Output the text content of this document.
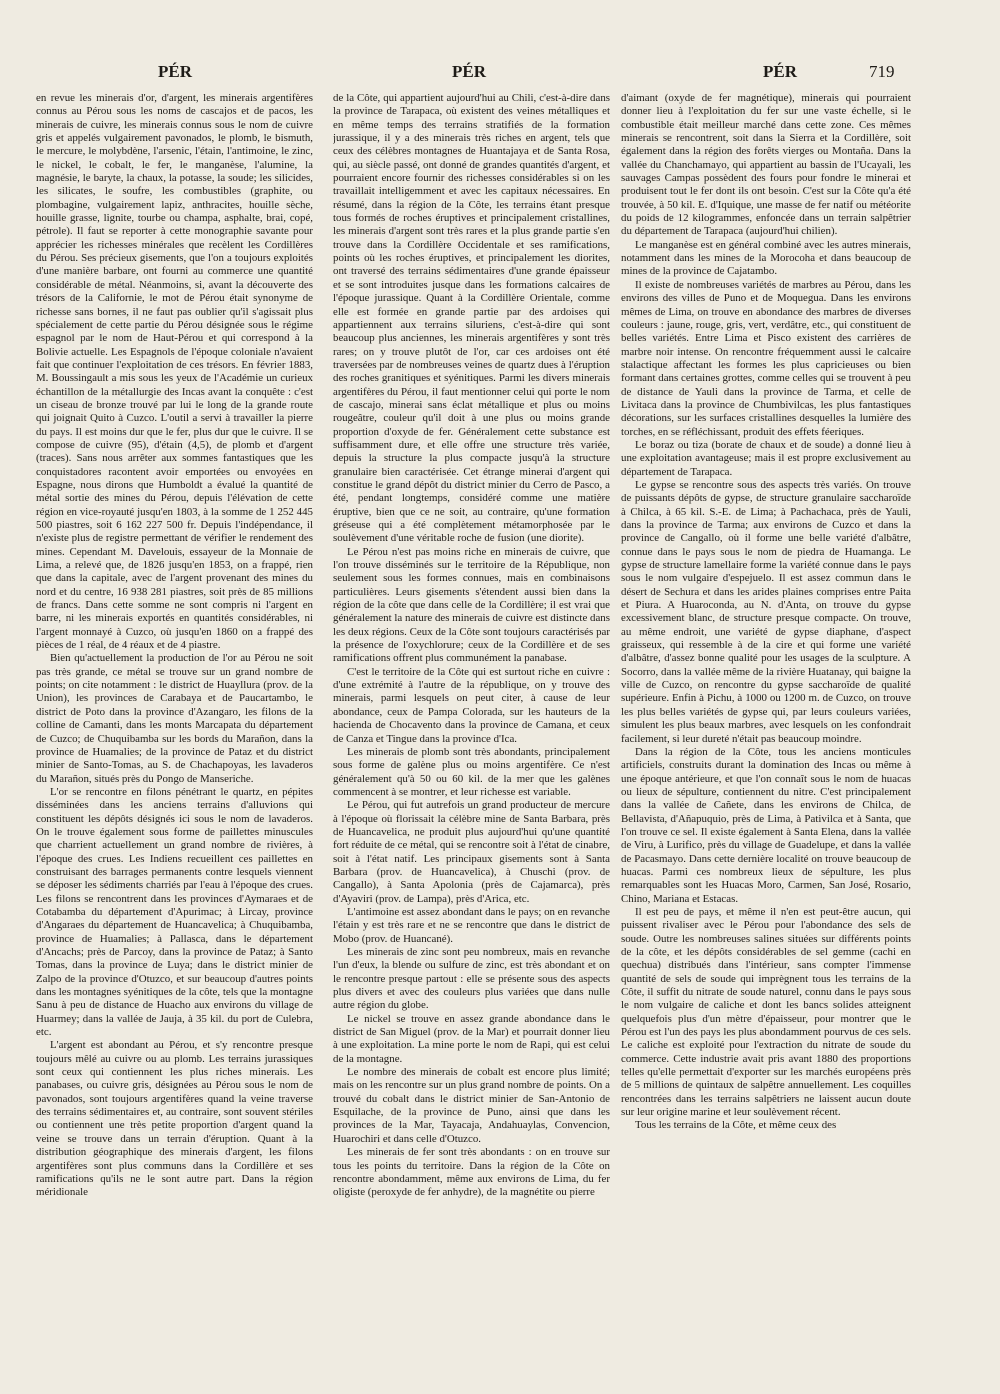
PÉR	PÉR	PÉR	719

en revue les minerais d'or, d'argent, les minerais argentifères connus au Pérou sous les noms de cascajos et de pacos, les minerais de cuivre, les minerais connus sous le nom de cuivre gris et appelés vulgairement pavonados, le plomb, le bismuth, le mercure, le molybdène, l'arsenic, l'étain, l'antimoine, le zinc, le nickel, le cobalt, le fer, le manganèse, l'alumine, la magnésie, le baryte, la chaux, la potasse, la soude; les silicides, les silicates, le soufre, les combustibles (graphite, ou plombagine, vulgairement lapiz, anthracites, houille sèche, houille grasse, lignite, tourbe ou champa, asphalte, brai, copé, pétrole). Il faut se reporter à cette monographie savante pour apprécier les richesses minérales que recèlent les Cordillères du Pérou. Ses précieux gisements, que l'on a toujours exploités d'une manière barbare, ont fourni au commerce une quantité considérable de métal. Néanmoins, si, avant la découverte des trésors de la Californie, le mot de Pérou était synonyme de richesse sans bornes, il ne faut pas oublier qu'il s'agissait plus spécialement de cette partie du Pérou désignée sous le régime espagnol par le nom de Haut-Pérou et qui correspond à la Bolivie actuelle. Les Espagnols de l'époque coloniale n'avaient fait que continuer l'exploitation de ces trésors. En février 1883, M. Boussingault a mis sous les yeux de l'Académie un curieux échantillon de la métallurgie des Incas avant la conquête : c'est un ciseau de bronze trouvé par lui le long de la grande route qui joignait Quito à Cuzco. L'outil a servi à travailler la pierre du pays. Il est moins dur que le fer, plus dur que le cuivre. Il se compose de cuivre (95), d'étain (4,5), de plomb et d'argent (traces). Sans nous arrêter aux sommes fantastiques que les conquistadores racontent avoir emportées ou envoyées en Espagne, nous dirons que Humboldt a évalué la quantité de métal sortie des mines du Pérou, depuis l'élévation de cette région en vice-royauté jusqu'en 1803, à la somme de 1 252 445 500 piastres, soit 6 162 227 500 fr. Depuis l'indépendance, il n'existe plus de registre permettant de vérifier le rendement des mines. Cependant M. Davelouis, essayeur de la Monnaie de Lima, a relevé que, de 1826 jusqu'en 1853, on a frappé, rien que dans la capitale, avec de l'argent provenant des mines du nord et du centre, 16 938 281 piastres, soit près de 85 millions de francs. Dans cette somme ne sont compris ni l'argent en barre, ni les minerais exportés en quantités considérables, ni l'argent monnayé à Cuzco, où jusqu'en 1860 on a frappé des pièces de 1 réal, de 4 réaux et de 4 piastre.

Bien qu'actuellement la production de l'or au Pérou ne soit pas très grande, ce métal se trouve sur un grand nombre de points; on cite notamment : le district de Huayllura (prov. de la Union), les provinces de Carabaya et de Paucartambo, le district de Poto dans la province d'Azangaro, les filons de la colline de Camanti, dans les monts Marcapata du département de Cuzco; de Chuquibamba sur les bords du Marañon, dans la province de Huamalies; de la province de Pataz et du district minier de Santo-Tomas, au S. de Chachapoyas, les lavaderos du Marañon, situés près du Pongo de Manseriche.

L'or se rencontre en filons pénétrant le quartz, en pépites disséminées dans les anciens terrains d'alluvions qui constituent les dépôts désignés ici sous le nom de lavaderos. On le trouve également sous forme de paillettes minuscules que charrient actuellement un grand nombre de rivières, à l'époque des crues. Les Indiens recueillent ces paillettes en construisant des barrages permanents contre lesquels viennent se déposer les sédiments charriés par l'eau à l'époque des crues. Les filons se rencontrent dans les provinces d'Aymaraes et de Cotabamba du département d'Apurimac; à Lircay, province d'Angaraes du département de Huancavelica; à Chuquibamba, province de Huamalies; à Pallasca, dans le département d'Ancachs; près de Parcoy, dans la province de Pataz; à Santo Tomas, dans la province de Luya; dans le district minier de Zalpo de la province d'Otuzco, et sur beaucoup d'autres points dans les montagnes syénitiques de la côte, tels que la montagne Sanu à peu de distance de Huacho aux environs du village de Huarmey; dans la vallée de Jauja, à 35 kil. du port de Culebra, etc.

L'argent est abondant au Pérou, et s'y rencontre presque toujours mêlé au cuivre ou au plomb. Les terrains jurassiques sont ceux qui contiennent les plus riches minerais. Les panabases, ou cuivre gris, désignées au Pérou sous le nom de pavonados, sont toujours argentifères quand la veine traverse des terrains sédimentaires et, au contraire, sont souvent stériles ou contiennent une très petite proportion d'argent quand la veine se trouve dans un terrain d'éruption. Quant à la distribution géographique des minerais d'argent, les filons argentifères sont plus communs dans la Cordillère et ses ramifications qu'ils ne le sont autre part. Dans la région méridionale

de la Côte, qui appartient aujourd'hui au Chili, c'est-à-dire dans la province de Tarapaca, où existent des veines métalliques et en même temps des terrains stratifiés de la formation jurassique, il y a des minerais très riches en argent, tels que ceux des célèbres montagnes de Huantajaya et de Santa Rosa, qui, au siècle passé, ont donné de grandes quantités d'argent, et pourraient encore fournir des richesses considérables si on les travaillait intelligemment et avec les capitaux nécessaires. En résumé, dans la région de la Côte, les terrains étant presque tous formés de roches éruptives et principalement cristallines, les minerais d'argent sont très rares et la plus grande partie s'en trouve dans la Cordillère Occidentale et ses ramifications, points où les roches éruptives, et principalement les diorites, ont traversé des terrains sédimentaires d'une grande épaisseur et se sont introduites jusque dans les formations calcaires de l'époque jurassique. Quant à la Cordillère Orientale, comme elle est formée en grande partie par des ardoises qui appartiennent aux terrains siluriens, c'est-à-dire qui sont beaucoup plus anciennes, les minerais argentifères y sont très rares; on y trouve plutôt de l'or, car ces ardoises ont été traversées par de nombreuses veines de quartz dues à l'éruption des roches granitiques et syénitiques. Parmi les divers minerais argentifères du Pérou, il faut mentionner celui qui porte le nom de cascajo, minerai sans éclat métallique et plus ou moins rougeâtre, couleur qu'il doit à une plus ou moins grande proportion d'oxyde de fer. Généralement cette substance est suffisamment dure, et elle offre une structure très variée, depuis la structure la plus compacte jusqu'à la structure granulaire bien caractérisée. Cet étrange minerai d'argent qui constitue le grand dépôt du district minier du Cerro de Pasco, a été, pendant longtemps, considéré comme une matière éruptive, bien que ce ne soit, au contraire, qu'une formation gréseuse qui a été complètement métamorphosée par le soulèvement d'une véritable roche de fusion (une diorite).

Le Pérou n'est pas moins riche en minerais de cuivre, que l'on trouve disséminés sur le territoire de la République, non seulement sous les formes connues, mais en combinaisons particulières. Leurs gisements s'étendent aussi bien dans la région de la côte que dans celle de la Cordillère; il est vrai que généralement la nature des minerais de cuivre est distincte dans les deux régions. Ceux de la Côte sont toujours caractérisés par la présence de l'oxychlorure; ceux de la Cordillère et de ses ramifications offrent plus communément la panabase.

C'est le territoire de la Côte qui est surtout riche en cuivre : d'une extrémité à l'autre de la république, on y trouve des minerais, parmi lesquels on peut citer, à cause de leur abondance, ceux de Pampa Colorada, sur les hauteurs de la hacienda de Chocavento dans la province de Camana, et ceux de Canza et Tingue dans la province d'Ica.

Les minerais de plomb sont très abondants, principalement sous forme de galène plus ou moins argentifère. Ce n'est généralement qu'à 50 ou 60 kil. de la mer que les galènes commencent à se montrer, et leur richesse est variable.

Le Pérou, qui fut autrefois un grand producteur de mercure à l'époque où florissait la célèbre mine de Santa Barbara, près de Huancavelica, ne produit plus aujourd'hui qu'une quantité fort réduite de ce métal, qui se rencontre soit à l'état de cinabre, soit à l'état natif. Les principaux gisements sont à Santa Barbara (prov. de Huancavelica), à Chuschi (prov. de Cangallo), à Santa Apolonia (près de Cajamarca), près d'Ayaviri (prov. de Lampa), près d'Arica, etc.

L'antimoine est assez abondant dans le pays; on en revanche l'étain y est très rare et ne se rencontre que dans le district de Mobo (prov. de Huancané).

Les minerais de zinc sont peu nombreux, mais en revanche l'un d'eux, la blende ou sulfure de zinc, est très abondant et on le rencontre presque partout : elle se présente sous des aspects plus divers et avec des couleurs plus variées que dans nulle autre région du globe.

Le nickel se trouve en assez grande abondance dans le district de San Miguel (prov. de la Mar) et pourrait donner lieu à une exploitation. La mine porte le nom de Rapi, qui est celui de la montagne.

Le nombre des minerais de cobalt est encore plus limité; mais on les rencontre sur un plus grand nombre de points. On a trouvé du cobalt dans le district minier de San-Antonio de Esquilache, de la province de Puno, ainsi que dans les provinces de la Mar, Tayacaja, Andahuaylas, Convencion, Huarochiri et dans celle d'Otuzco.

Les minerais de fer sont très abondants : on en trouve sur tous les points du territoire. Dans la région de la Côte on rencontre abondamment, même aux environs de Lima, du fer oligiste (peroxyde de fer anhydre), de la magnétite ou pierre

d'aimant (oxyde de fer magnétique), minerais qui pourraient donner lieu à l'exploitation du fer sur une vaste échelle, si le combustible était meilleur marché dans cette zone. Ces mêmes minerais se rencontrent, soit dans la Sierra et la Cordillère, soit également dans la région des forêts vierges ou Montaña. Dans la vallée du Chanchamayo, qui appartient au bassin de l'Ucayali, les sauvages Campas possèdent des fours pour fondre le minerai et produisent tout le fer dont ils ont besoin. C'est sur la Côte qu'a été trouvée, à 50 kil. E. d'Iquique, une masse de fer natif ou météorite du poids de 12 kilogrammes, enfoncée dans un terrain salpêtrier du département de Tarapaca (aujourd'hui chilien).

Le manganèse est en général combiné avec les autres minerais, notamment dans les mines de la Morocoha et dans beaucoup de mines de la province de Cajatambo.

Il existe de nombreuses variétés de marbres au Pérou, dans les environs des villes de Puno et de Moquegua. Dans les environs mêmes de Lima, on trouve en abondance des marbres de diverses couleurs : jaune, rouge, gris, vert, verdâtre, etc., qui constituent de belles variétés. Entre Lima et Pisco existent des carrières de marbre noir intense. On rencontre fréquemment aussi le calcaire stalactique affectant les formes les plus capricieuses ou bien formant dans certaines grottes, comme celles qui se trouvent à peu de distance de Yauli dans la province de Tarma, et celle de Livitaca dans la province de Chumbivilcas, les plus fantastiques décorations, sur les surfaces cristallines desquelles la lumière des torches, en se réfléchissant, produit des effets féeriques.

Le boraz ou tiza (borate de chaux et de soude) a donné lieu à une exploitation avantageuse; mais il est propre exclusivement au département de Tarapaca.

Le gypse se rencontre sous des aspects très variés. On trouve de puissants dépôts de gypse, de structure granulaire saccharoïde à Chilca, à 65 kil. S.-E. de Lima; à Pachachaca, près de Yauli, dans la province de Tarma; aux environs de Cuzco et dans la province de Cangallo, où il forme une belle variété d'albâtre, connue dans le pays sous le nom de piedra de Huamanga. Le gypse de structure lamellaire forme la variété connue dans le pays sous le nom vulgaire d'espejuelo. Il est assez commun dans le désert de Sechura et dans les arides plaines comprises entre Paita et Piura. A Huaroconda, au N. d'Anta, on trouve du gypse excessivement blanc, de structure presque compacte. On trouve, au même endroit, une variété de gypse diaphane, d'aspect graisseux, qui ressemble à de la cire et qui forme une variété d'albâtre, d'assez bonne qualité pour les usages de la sculpture. A Socorro, dans la vallée même de la rivière Huatanay, qui baigne la ville de Cuzco, on rencontre du gypse saccharoïde de qualité supérieure. Enfin à Pichu, à 1000 ou 1200 m. de Cuzco, on trouve les plus belles variétés de gypse qui, par leurs couleurs variées, simulent les plus beaux marbres, avec lesquels on les confondrait facilement, si leur dureté n'était pas beaucoup moindre.

Dans la région de la Côte, tous les anciens monticules artificiels, construits durant la domination des Incas ou même à une époque antérieure, et que l'on connaît sous le nom de huacas ou lieux de sépulture, contiennent du nitre. C'est principalement dans la vallée de Cañete, dans les environs de Chilca, de Bellavista, d'Añapuquio, près de Lima, à Pativilca et à Santa, que l'on trouve ce sel. Il existe également à Santa Elena, dans la vallée de Viru, à Lurifico, près du village de Guadelupe, et dans la vallée de Pacasmayo. Dans cette dernière localité on trouve beaucoup de huacas. Parmi ces nombreux lieux de sépulture, les plus remarquables sont les Huacas Moro, Carmen, San José, Rosario, Chino, Mariana et Estacas.

Il est peu de pays, et même il n'en est peut-être aucun, qui puissent rivaliser avec le Pérou pour l'abondance des sels de soude. Outre les nombreuses salines situées sur différents points de la côte, et les dépôts considérables de sel gemme (cachi en quechua) distribués dans l'intérieur, sans compter l'immense quantité de sels de soude qui imprègnent tous les terrains de la Côte, il suffit du nitrate de soude naturel, connu dans le pays sous le nom vulgaire de caliche et dont les bancs solides atteignent quelquefois plus d'un mètre d'épaisseur, pour montrer que le Pérou est l'un des pays les plus abondamment pourvus de ces sels. Le caliche est exploité pour l'extraction du nitrate de soude du commerce. Cette industrie avait pris avant 1880 des proportions telles qu'elle permettait d'exporter sur les marchés européens près de 5 millions de quintaux de salpêtre annuellement. Les coquilles rencontrées dans les terrains salpêtriers ne laissent aucun doute sur leur origine marine et leur soulèvement récent.

Tous les terrains de la Côte, et même ceux des
